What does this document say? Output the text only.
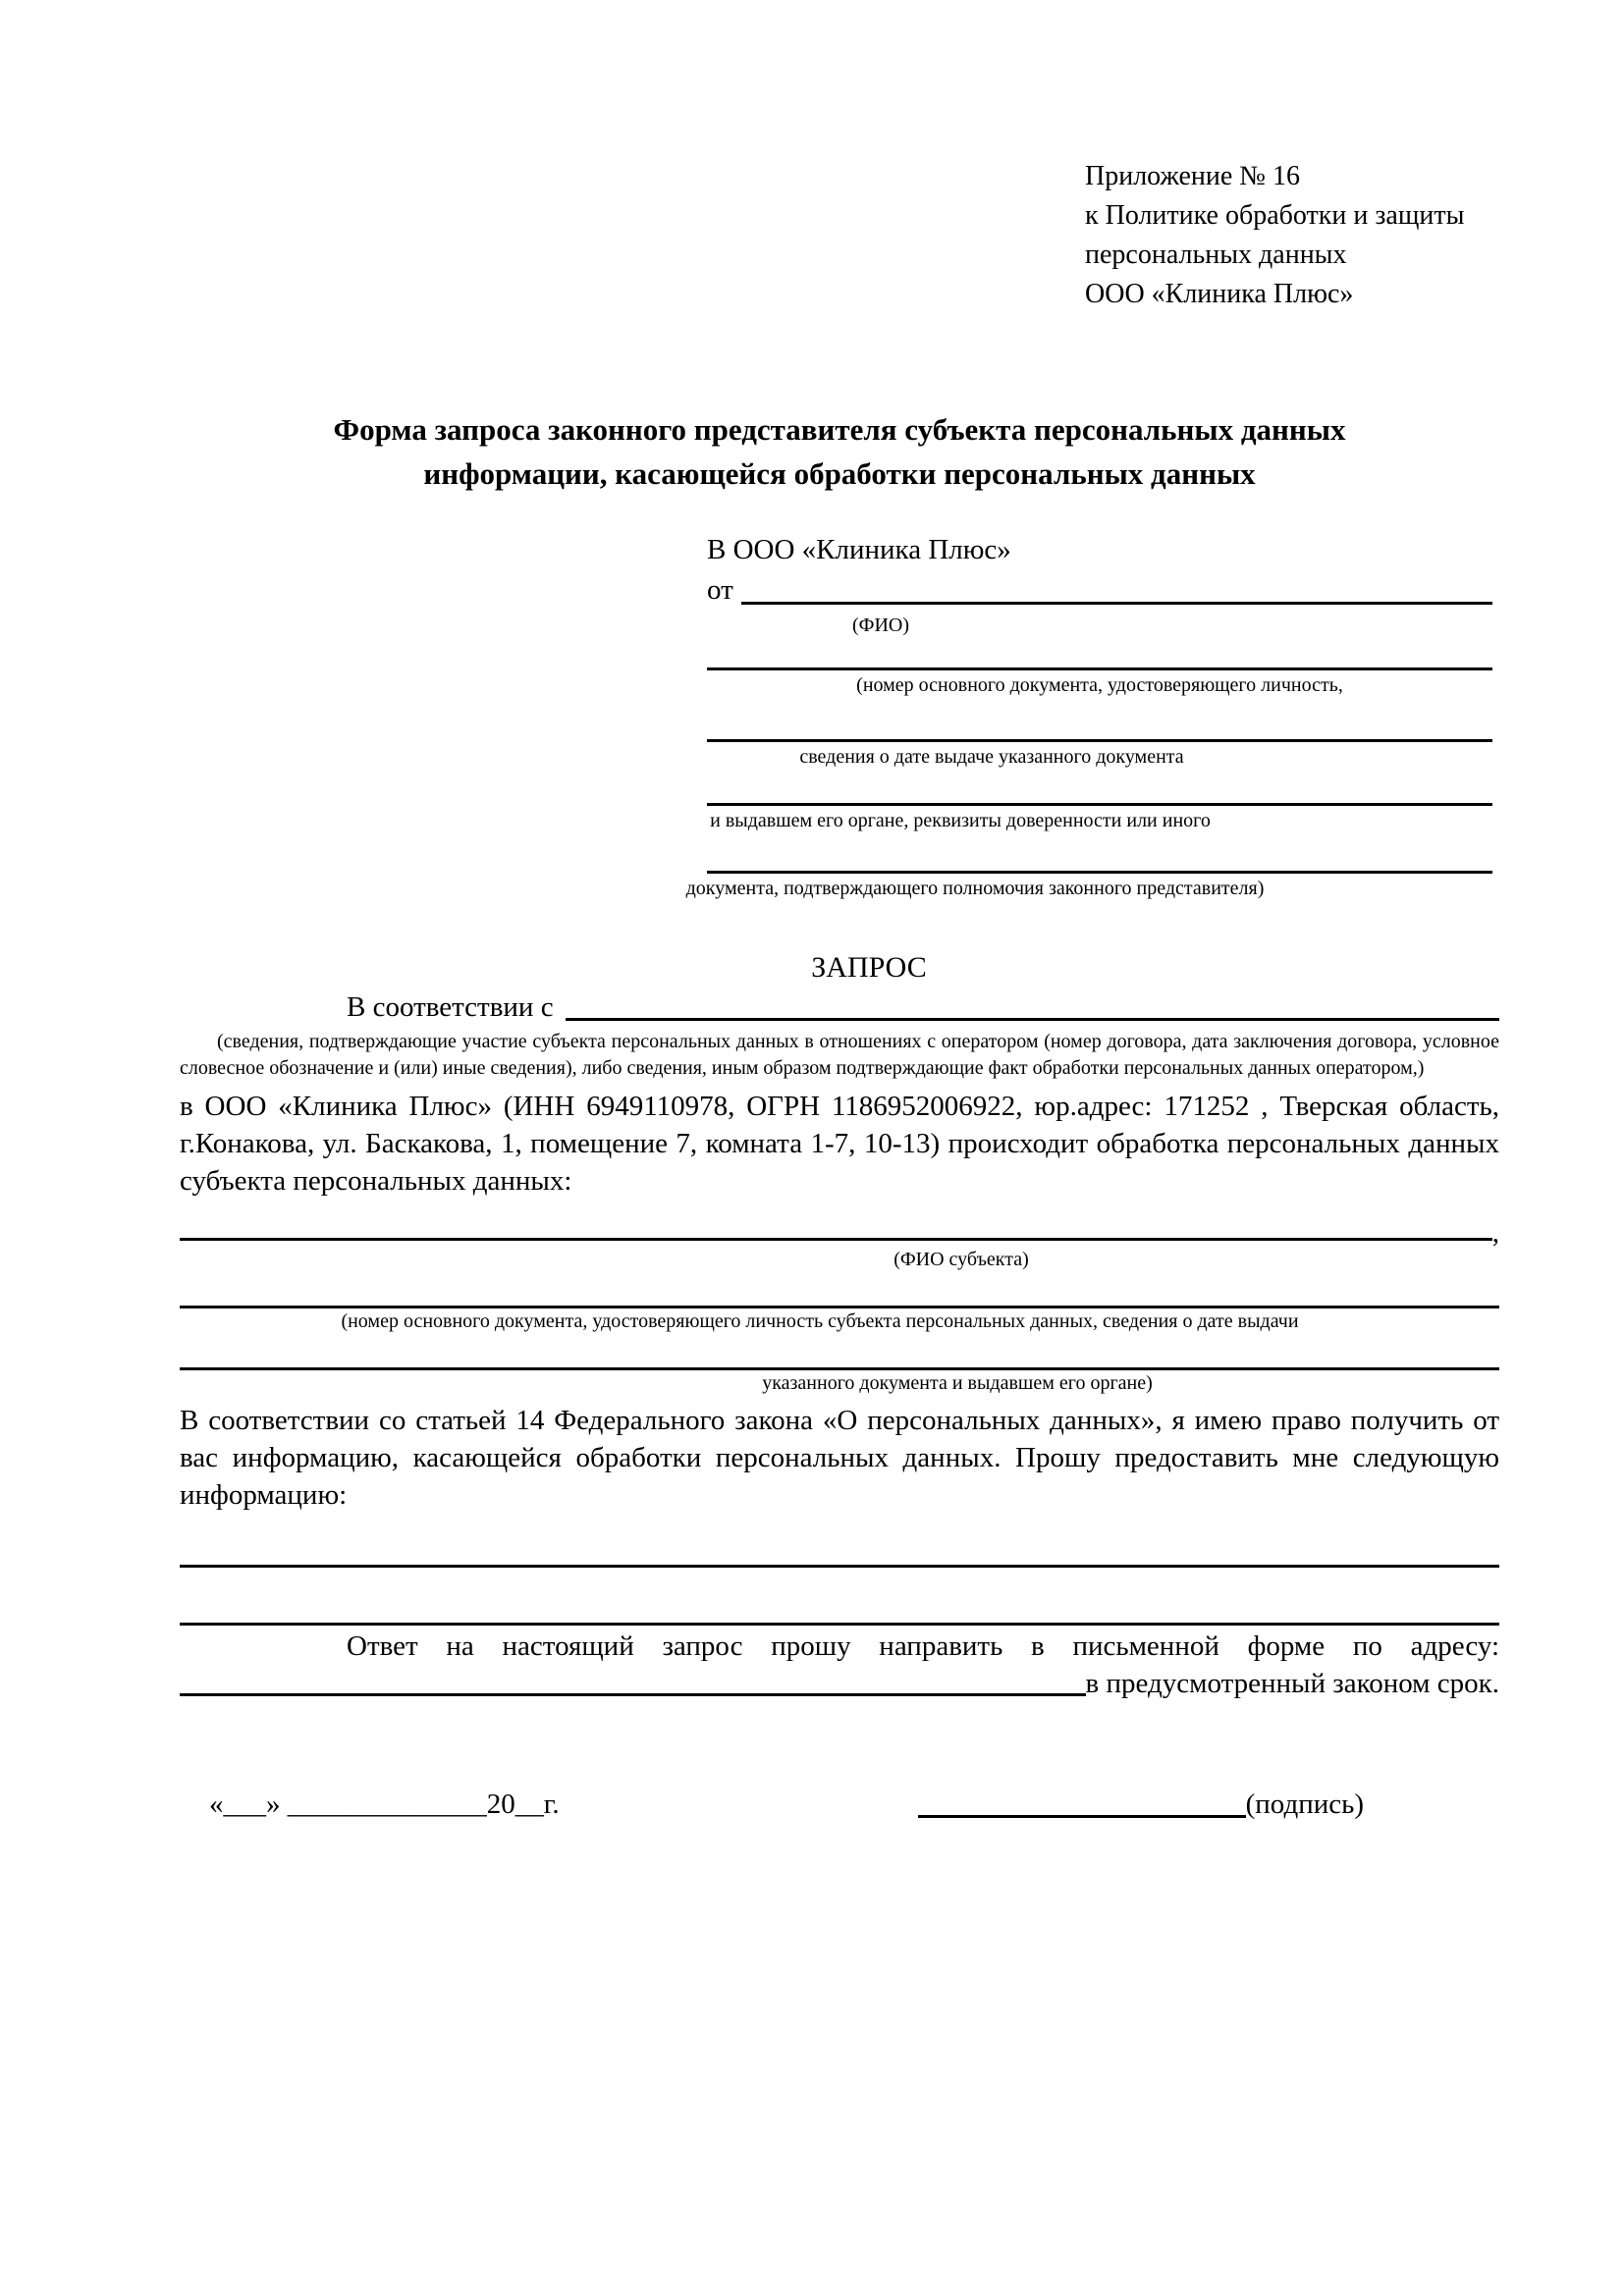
Приложение № 16
к Политике обработки и защиты
персональных данных
ООО «Клиника Плюс»
Форма запроса законного представителя субъекта персональных данных
информации, касающейся обработки персональных данных
В ООО «Клиника Плюс»
от
(ФИО)
(номер основного документа, удостоверяющего личность,
сведения о дате выдаче указанного документа
и выдавшем его органе, реквизиты доверенности или иного
документа, подтверждающего полномочия законного представителя)
ЗАПРОС
В соответствии с
(сведения, подтверждающие участие субъекта персональных данных в отношениях с оператором (номер договора, дата заключения договора, условное словесное обозначение и (или) иные сведения), либо сведения, иным образом подтверждающие факт обработки персональных данных оператором,)
в ООО «Клиника Плюс» (ИНН 6949110978, ОГРН 1186952006922, юр.адрес: 171252 , Тверская область, г.Конакова, ул. Баскакова, 1, помещение 7, комната 1-7, 10-13) происходит обработка персональных данных субъекта персональных данных:
,
(ФИО субъекта)
(номер основного документа, удостоверяющего личность субъекта персональных данных, сведения о дате выдачи
указанного документа и выдавшем его органе)
В соответствии со статьей 14 Федерального закона «О персональных данных», я имею право получить от вас информацию, касающейся обработки персональных данных. Прошу предоставить мне следующую информацию:
Ответ на настоящий запрос прошу направить в письменной форме по адресу:
в предусмотренный законом срок.
«___» ______________20__г.	(подпись)
